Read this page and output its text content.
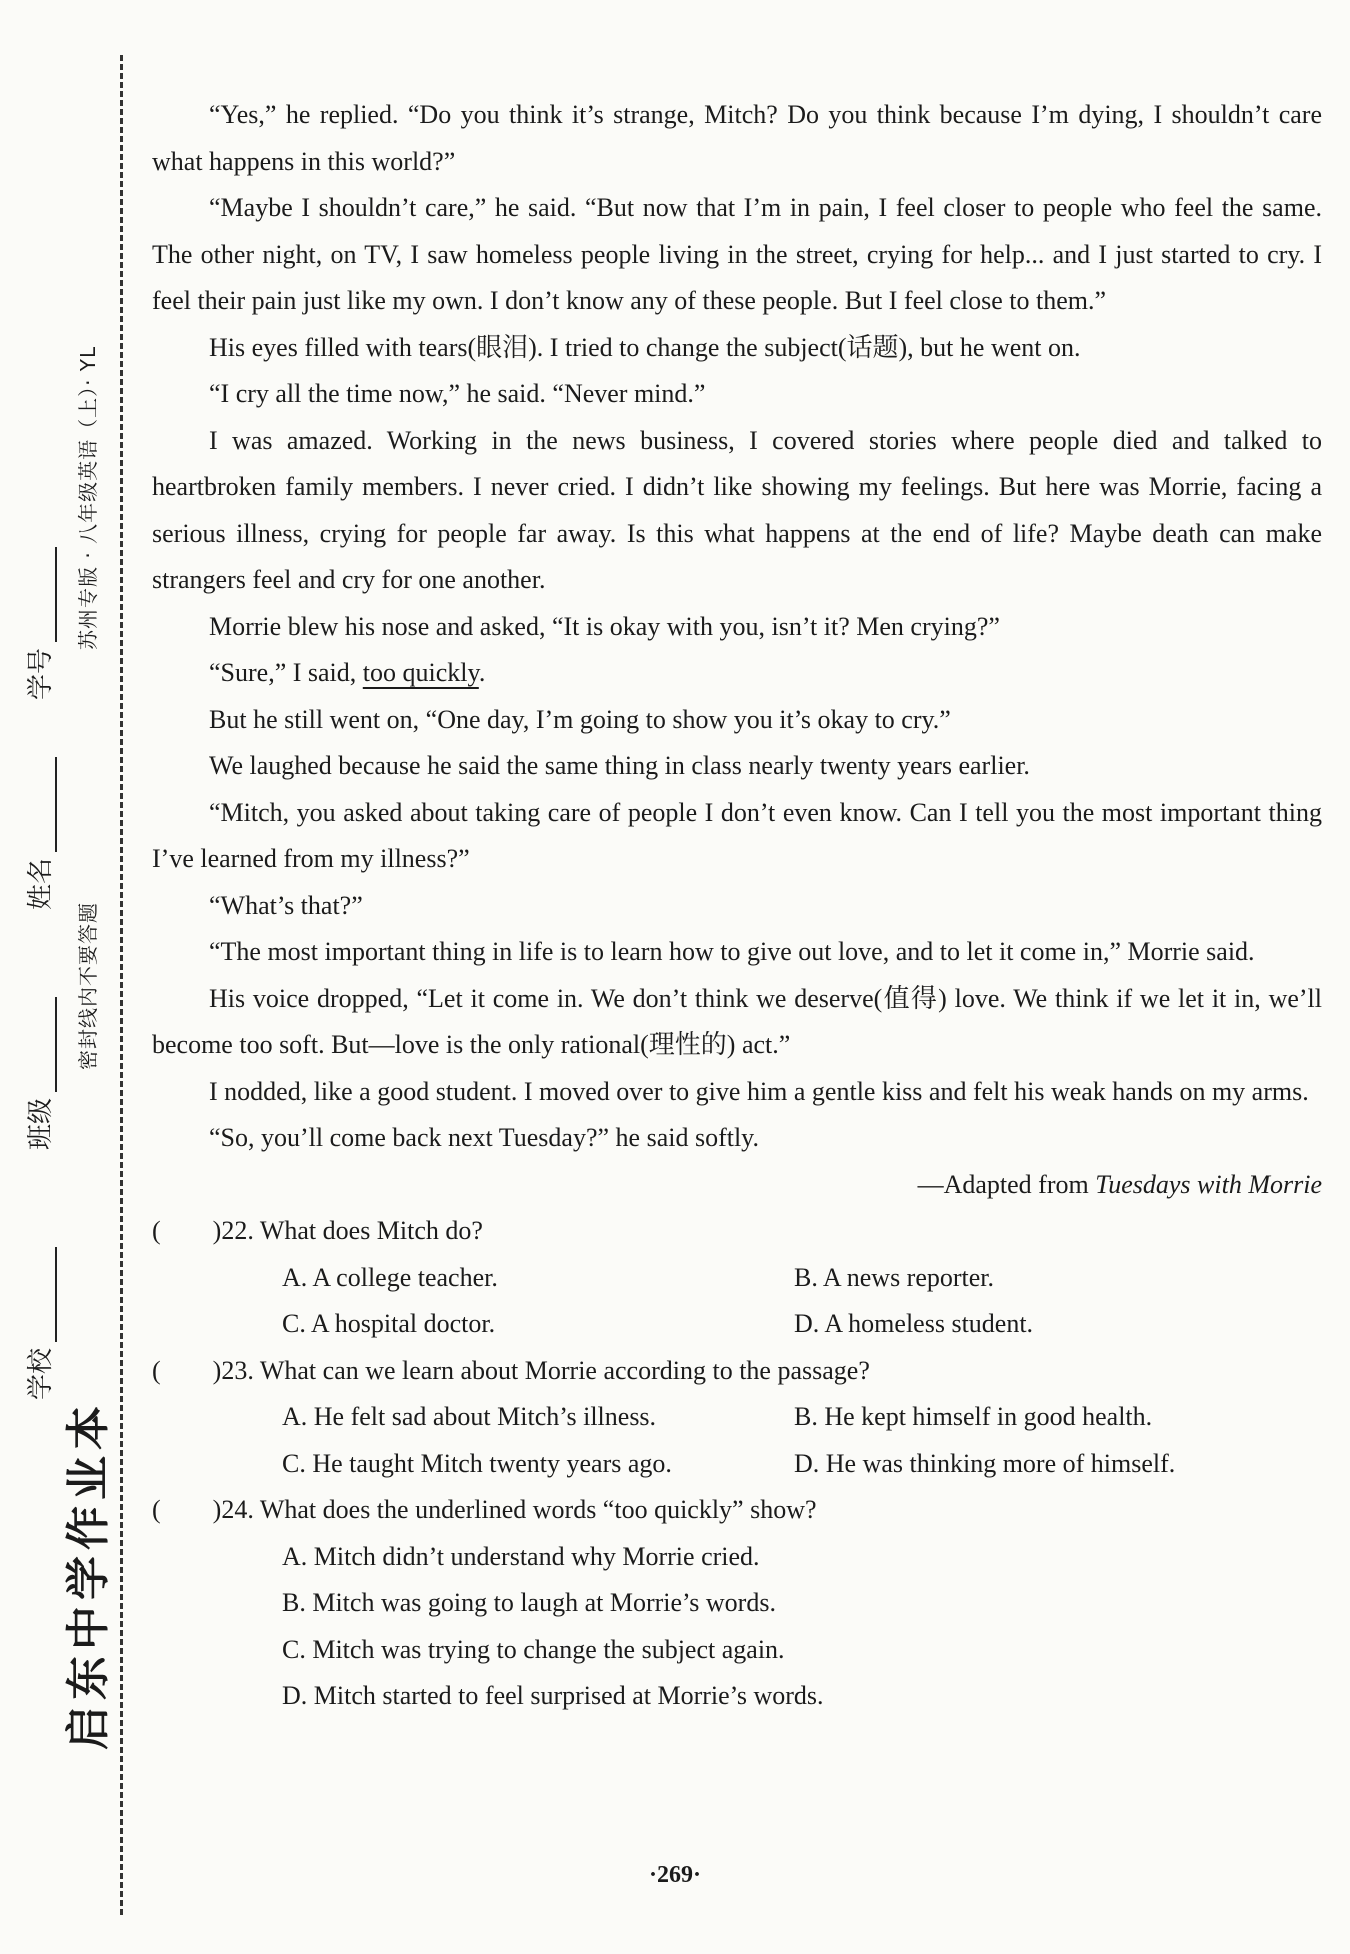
启东中学作业本
学校
班级
姓名
学号
密封线内不要答题
苏州专版 · 八年级英语（上）· YL

“Yes,” he replied. “Do you think it’s strange, Mitch? Do you think because I’m dying, I shouldn’t care what happens in this world?”

“Maybe I shouldn’t care,” he said. “But now that I’m in pain, I feel closer to people who feel the same. The other night, on TV, I saw homeless people living in the street, crying for help... and I just started to cry. I feel their pain just like my own. I don’t know any of these people. But I feel close to them.”

His eyes filled with tears(眼泪). I tried to change the subject(话题), but he went on.

“I cry all the time now,” he said. “Never mind.”

I was amazed. Working in the news business, I covered stories where people died and talked to heartbroken family members. I never cried. I didn’t like showing my feelings. But here was Morrie, facing a serious illness, crying for people far away. Is this what happens at the end of life? Maybe death can make strangers feel and cry for one another.

Morrie blew his nose and asked, “It is okay with you, isn’t it? Men crying?”

“Sure,” I said, too quickly.

But he still went on, “One day, I’m going to show you it’s okay to cry.”

We laughed because he said the same thing in class nearly twenty years earlier.

“Mitch, you asked about taking care of people I don’t even know. Can I tell you the most important thing I’ve learned from my illness?”

“What’s that?”

“The most important thing in life is to learn how to give out love, and to let it come in,” Morrie said.

His voice dropped, “Let it come in. We don’t think we deserve(值得) love. We think if we let it in, we’ll become too soft. But—love is the only rational(理性的) act.”

I nodded, like a good student. I moved over to give him a gentle kiss and felt his weak hands on my arms.

“So, you’ll come back next Tuesday?” he said softly.

—Adapted from Tuesdays with Morrie
(　　)22. What does Mitch do?
A. A college teacher.	B. A news reporter.
C. A hospital doctor.	D. A homeless student.
(　　)23. What can we learn about Morrie according to the passage?
A. He felt sad about Mitch’s illness.	B. He kept himself in good health.
C. He taught Mitch twenty years ago.	D. He was thinking more of himself.
(　　)24. What does the underlined words “too quickly” show?
A. Mitch didn’t understand why Morrie cried.
B. Mitch was going to laugh at Morrie’s words.
C. Mitch was trying to change the subject again.
D. Mitch started to feel surprised at Morrie’s words.
·269·
